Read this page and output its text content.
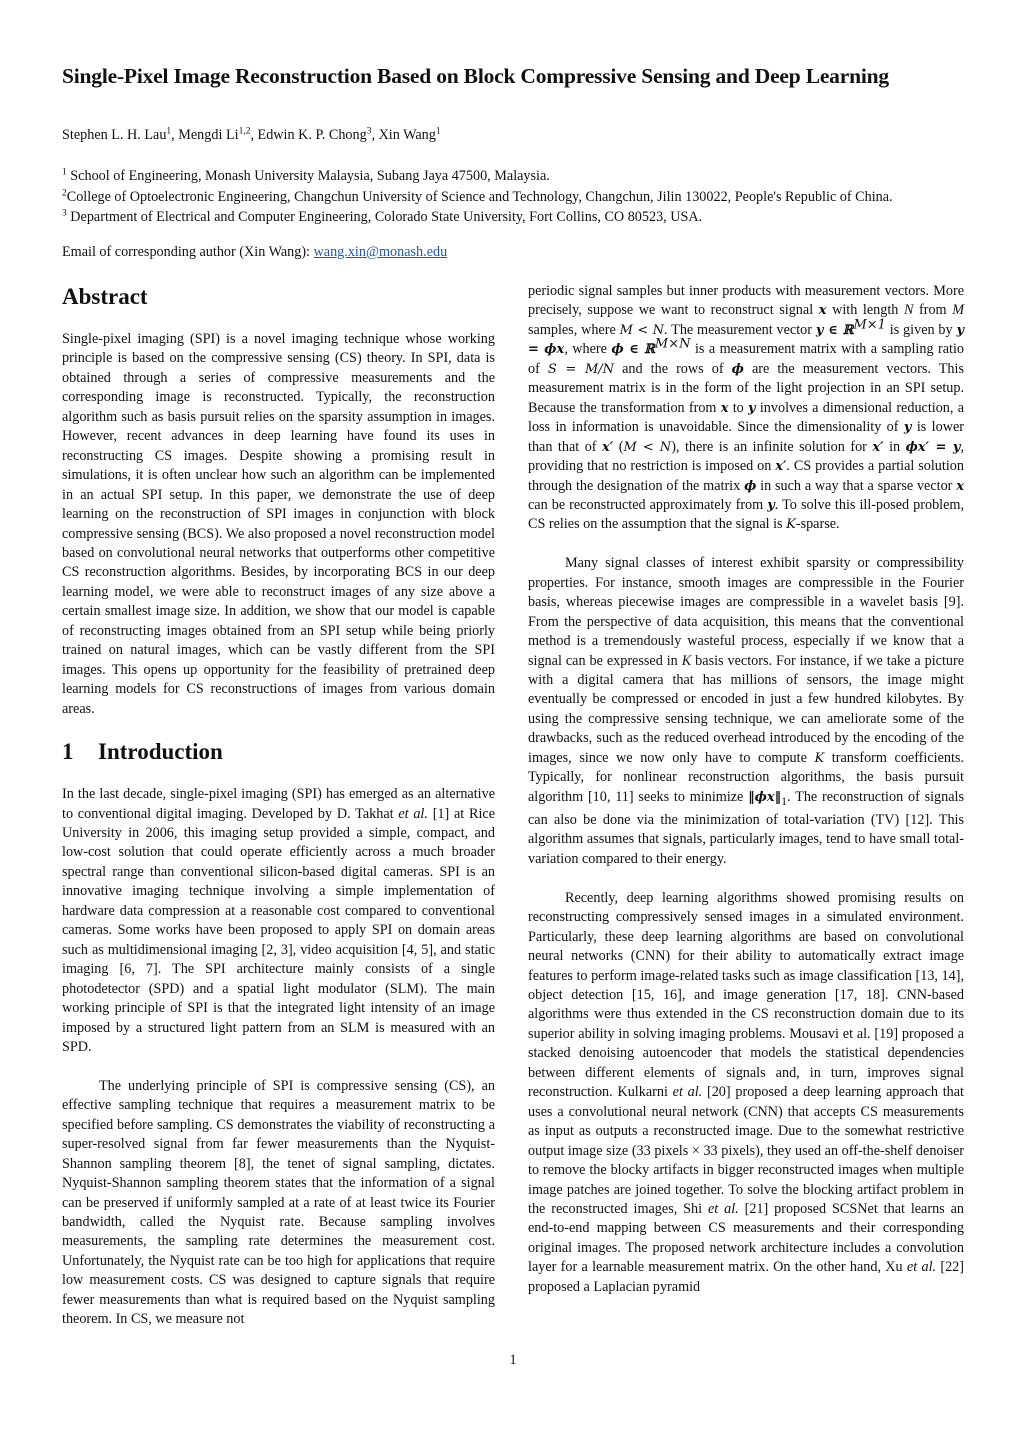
Single-Pixel Image Reconstruction Based on Block Compressive Sensing and Deep Learning
Stephen L. H. Lau$^1$, Mengdi Li$^{1,2}$, Edwin K. P. Chong$^3$, Xin Wang$^1$
$^1$ School of Engineering, Monash University Malaysia, Subang Jaya 47500, Malaysia.
$^2$College of Optoelectronic Engineering, Changchun University of Science and Technology, Changchun, Jilin 130022, People's Republic of China.
$^3$ Department of Electrical and Computer Engineering, Colorado State University, Fort Collins, CO 80523, USA.
Email of corresponding author (Xin Wang): wang.xin@monash.edu
Abstract

Single-pixel imaging (SPI) is a novel imaging technique whose working principle is based on the compressive sensing (CS) theory. In SPI, data is obtained through a series of compressive measurements and the corresponding image is reconstructed. Typically, the reconstruction algorithm such as basis pursuit relies on the sparsity assumption in images. However, recent advances in deep learning have found its uses in reconstructing CS images. Despite showing a promising result in simulations, it is often unclear how such an algorithm can be implemented in an actual SPI setup. In this paper, we demonstrate the use of deep learning on the reconstruction of SPI images in conjunction with block compressive sensing (BCS). We also proposed a novel reconstruction model based on convolutional neural networks that outperforms other competitive CS reconstruction algorithms. Besides, by incorporating BCS in our deep learning model, we were able to reconstruct images of any size above a certain smallest image size. In addition, we show that our model is capable of reconstructing images obtained from an SPI setup while being priorly trained on natural images, which can be vastly different from the SPI images. This opens up opportunity for the feasibility of pretrained deep learning models for CS reconstructions of images from various domain areas.

1 Introduction

In the last decade, single-pixel imaging (SPI) has emerged as an alternative to conventional digital imaging. Developed by D. Takhat et al. [1] at Rice University in 2006, this imaging setup provided a simple, compact, and low-cost solution that could operate efficiently across a much broader spectral range than conventional silicon-based digital cameras. SPI is an innovative imaging technique involving a simple implementation of hardware data compression at a reasonable cost compared to conventional cameras. Some works have been proposed to apply SPI on domain areas such as multidimensional imaging [2, 3], video acquisition [4, 5], and static imaging [6, 7]. The SPI architecture mainly consists of a single photodetector (SPD) and a spatial light modulator (SLM). The main working principle of SPI is that the integrated light intensity of an image imposed by a structured light pattern from an SLM is measured with an SPD.

The underlying principle of SPI is compressive sensing (CS), an effective sampling technique that requires a measurement matrix to be specified before sampling. CS demonstrates the viability of reconstructing a super-resolved signal from far fewer measurements than the Nyquist-Shannon sampling theorem [8], the tenet of signal sampling, dictates. Nyquist-Shannon sampling theorem states that the information of a signal can be preserved if uniformly sampled at a rate of at least twice its Fourier bandwidth, called the Nyquist rate. Because sampling involves measurements, the sampling rate determines the measurement cost. Unfortunately, the Nyquist rate can be too high for applications that require low measurement costs. CS was designed to capture signals that require fewer measurements than what is required based on the Nyquist sampling theorem. In CS, we measure not

periodic signal samples but inner products with measurement vectors. More precisely, suppose we want to reconstruct signal x with length N from M samples, where M < N. The measurement vector y ∈ ℝ$^{M\times 1}$ is given by y = ϕx, where ϕ ∈ ℝ$^{M\times N}$ is a measurement matrix with a sampling ratio of S = M/N and the rows of ϕ are the measurement vectors. This measurement matrix is in the form of the light projection in an SPI setup. Because the transformation from x to y involves a dimensional reduction, a loss in information is unavoidable. Since the dimensionality of y is lower than that of x′ (M < N), there is an infinite solution for x′ in ϕx′ = y, providing that no restriction is imposed on x′. CS provides a partial solution through the designation of the matrix ϕ in such a way that a sparse vector x can be reconstructed approximately from y. To solve this ill-posed problem, CS relies on the assumption that the signal is K-sparse.

Many signal classes of interest exhibit sparsity or compressibility properties. For instance, smooth images are compressible in the Fourier basis, whereas piecewise images are compressible in a wavelet basis [9]. From the perspective of data acquisition, this means that the conventional method is a tremendously wasteful process, especially if we know that a signal can be expressed in K basis vectors. For instance, if we take a picture with a digital camera that has millions of sensors, the image might eventually be compressed or encoded in just a few hundred kilobytes. By using the compressive sensing technique, we can ameliorate some of the drawbacks, such as the reduced overhead introduced by the encoding of the images, since we now only have to compute K transform coefficients. Typically, for nonlinear reconstruction algorithms, the basis pursuit algorithm [10, 11] seeks to minimize $‖\phi x‖_1$. The reconstruction of signals can also be done via the minimization of total-variation (TV) [12]. This algorithm assumes that signals, particularly images, tend to have small total-variation compared to their energy.

Recently, deep learning algorithms showed promising results on reconstructing compressively sensed images in a simulated environment. Particularly, these deep learning algorithms are based on convolutional neural networks (CNN) for their ability to automatically extract image features to perform image-related tasks such as image classification [13, 14], object detection [15, 16], and image generation [17, 18]. CNN-based algorithms were thus extended in the CS reconstruction domain due to its superior ability in solving imaging problems. Mousavi et al. [19] proposed a stacked denoising autoencoder that models the statistical dependencies between different elements of signals and, in turn, improves signal reconstruction. Kulkarni et al. [20] proposed a deep learning approach that uses a convolutional neural network (CNN) that accepts CS measurements as input as outputs a reconstructed image. Due to the somewhat restrictive output image size (33 pixels × 33 pixels), they used an off-the-shelf denoiser to remove the blocky artifacts in bigger reconstructed images when multiple image patches are joined together. To solve the blocking artifact problem in the reconstructed images, Shi et al. [21] proposed SCSNet that learns an end-to-end mapping between CS measurements and their corresponding original images. The proposed network architecture includes a convolution layer for a learnable measurement matrix. On the other hand, Xu et al. [22] proposed a Laplacian pyramid

1
